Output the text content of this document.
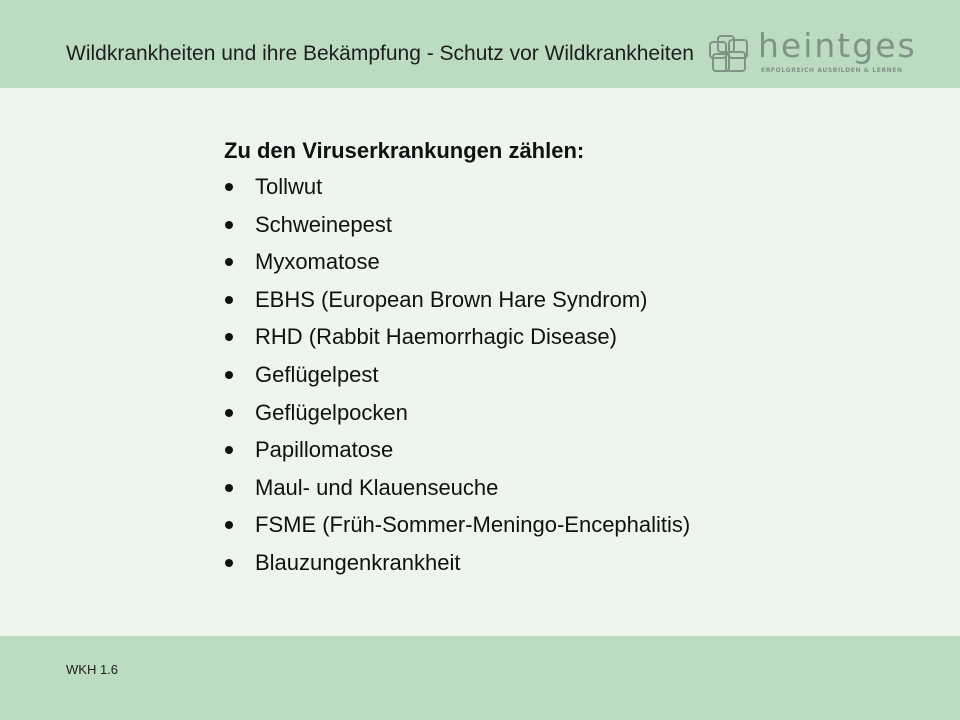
Wildkrankheiten und ihre Bekämpfung - Schutz vor Wildkrankheiten heintges
ERFOLGREICH AUSBILDEN & LERNEN
Zu den Viruserkrankungen zählen:
Tollwut
Schweinepest
Myxomatose
EBHS (European Brown Hare Syndrom)
RHD (Rabbit Haemorrhagic Disease)
Geflügelpest
Geflügelpocken
Papillomatose
Maul- und Klauenseuche
FSME (Früh-Sommer-Meningo-Encephalitis)
Blauzungenkrankheit
WKH 1.6
